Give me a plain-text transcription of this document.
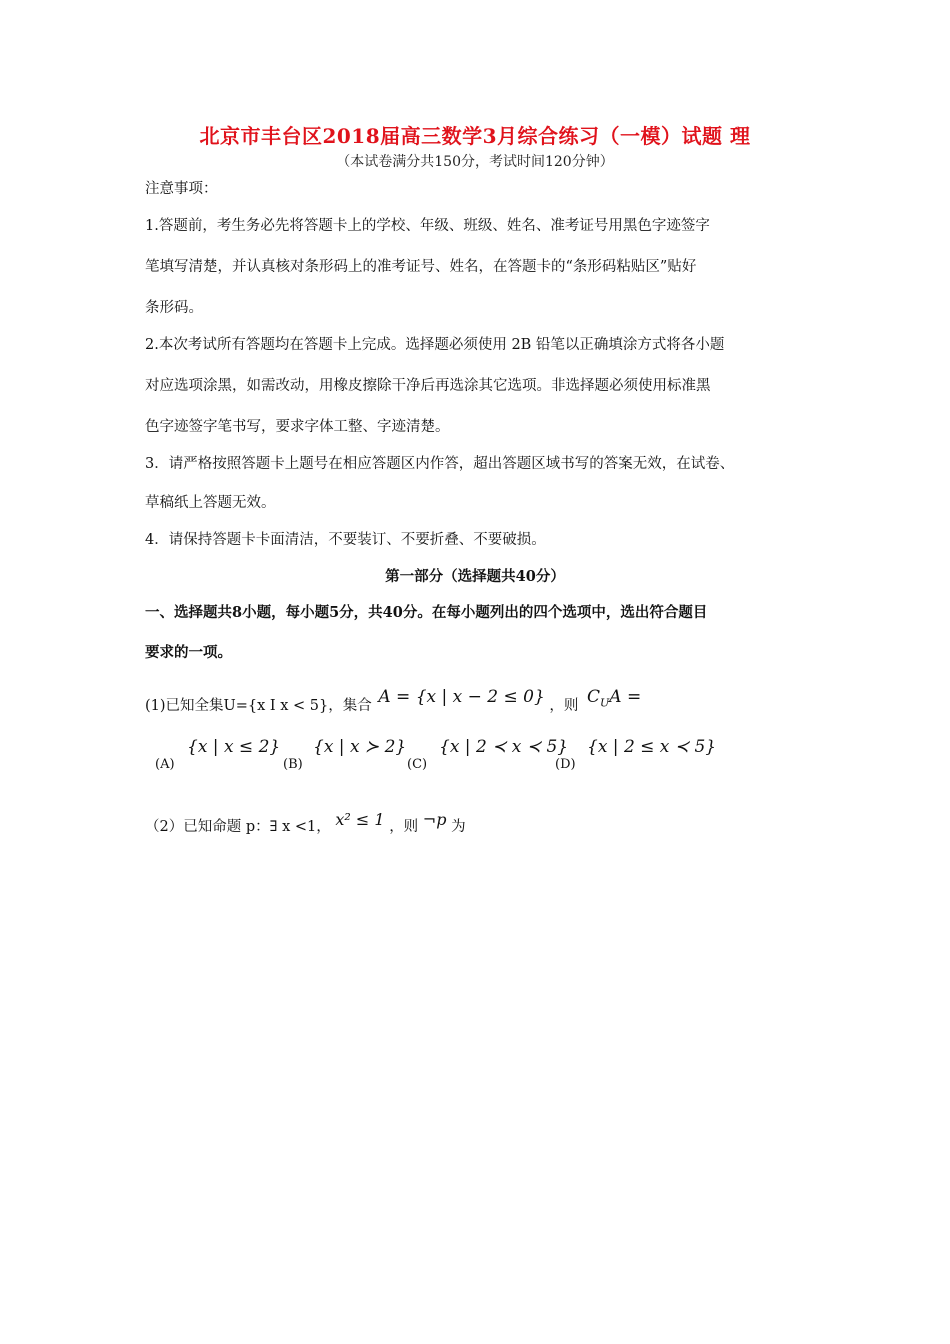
北京市丰台区2018届高三数学3月综合练习（一模）试题 理
（本试卷满分共150分，考试时间120分钟）
注意事项：
1.答题前，考生务必先将答题卡上的学校、年级、班级、姓名、准考证号用黑色字迹签字
笔填写清楚，并认真核对条形码上的准考证号、姓名，在答题卡的“条形码粘贴区”贴好
条形码。
2.本次考试所有答题均在答题卡上完成。选择题必须使用 2B 铅笔以正确填涂方式将各小题
对应选项涂黑，如需改动，用橡皮擦除干净后再选涂其它选项。非选择题必须使用标准黑
色字迹签字笔书写，要求字体工整、字迹清楚。
3．请严格按照答题卡上题号在相应答题区内作答，超出答题区域书写的答案无效，在试卷、
草稿纸上答题无效。
4．请保持答题卡卡面清洁，不要装订、不要折叠、不要破损。
第一部分（选择题共40分）
一、选择题共8小题，每小题5分，共40分。在每小题列出的四个选项中，选出符合题目
要求的一项。
(1)已知全集U={x I x < 5}，集合 A = {x | x − 2 ≤ 0} ，则 $C_UA$ =
(A)
{x | x ≤ 2}
(B)
{x | x ≻ 2}
(C)
{x | 2 ≺ x ≺ 5}
(D)
{x | 2 ≤ x ≺ 5}
（2）已知命题 p：∃ x <1， x² ≤ 1 ，则 ¬p 为
